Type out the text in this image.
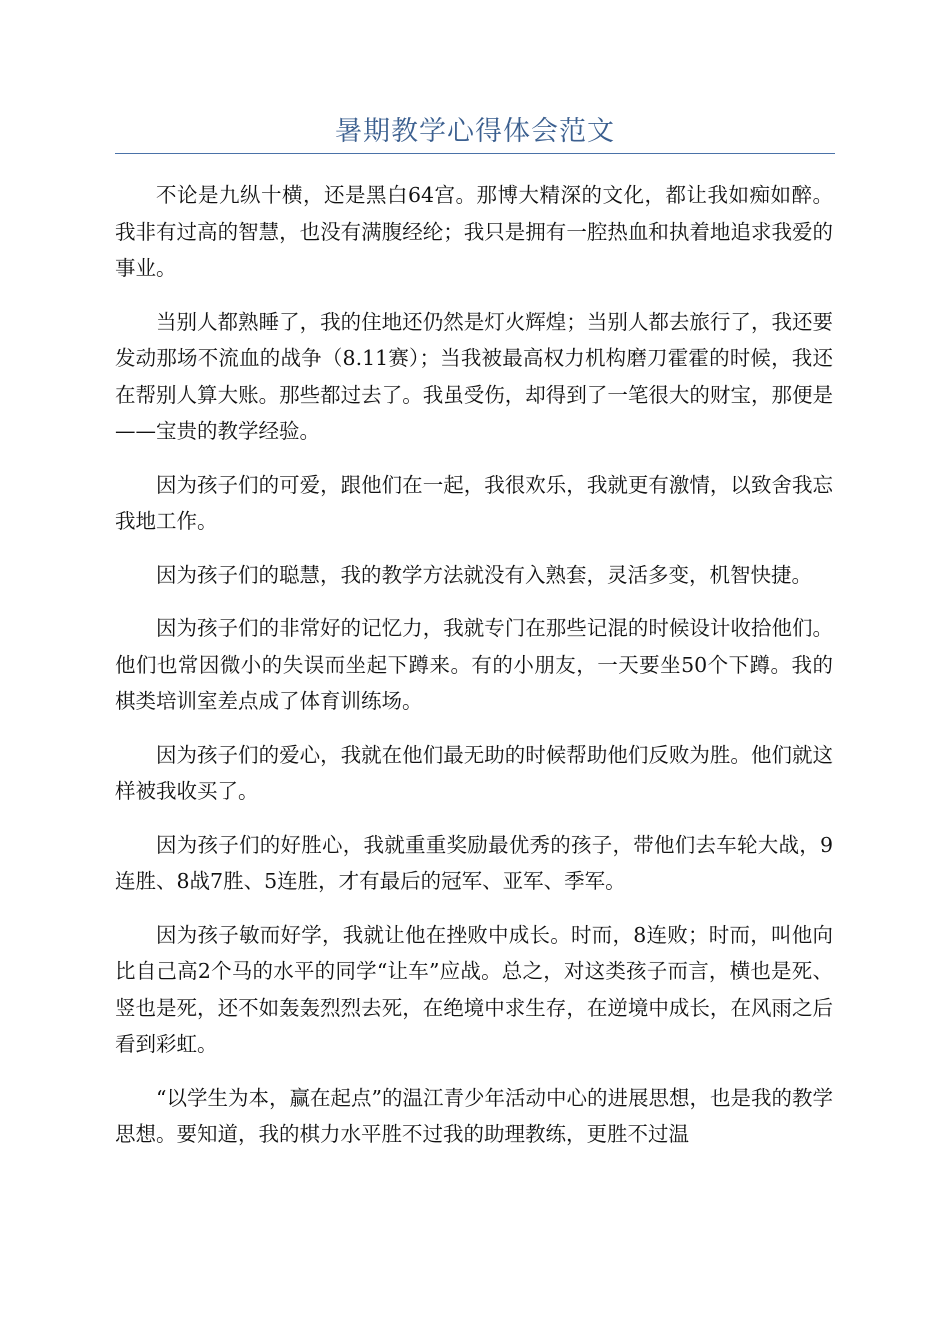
暑期教学心得体会范文

不论是九纵十横，还是黑白64宫。那博大精深的文化，都让我如痴如醉。我非有过高的智慧，也没有满腹经纶；我只是拥有一腔热血和执着地追求我爱的事业。

当别人都熟睡了，我的住地还仍然是灯火辉煌；当别人都去旅行了，我还要发动那场不流血的战争（8.11赛）；当我被最高权力机构磨刀霍霍的时候，我还在帮别人算大账。那些都过去了。我虽受伤，却得到了一笔很大的财宝，那便是——宝贵的教学经验。

因为孩子们的可爱，跟他们在一起，我很欢乐，我就更有激情，以致舍我忘我地工作。

因为孩子们的聪慧，我的教学方法就没有入熟套，灵活多变，机智快捷。

因为孩子们的非常好的记忆力，我就专门在那些记混的时候设计收拾他们。他们也常因微小的失误而坐起下蹲来。有的小朋友，一天要坐50个下蹲。我的棋类培训室差点成了体育训练场。

因为孩子们的爱心，我就在他们最无助的时候帮助他们反败为胜。他们就这样被我收买了。

因为孩子们的好胜心，我就重重奖励最优秀的孩子，带他们去车轮大战，9连胜、8战7胜、5连胜，才有最后的冠军、亚军、季军。

因为孩子敏而好学，我就让他在挫败中成长。时而，8连败；时而，叫他向比自己高2个马的水平的同学“让车”应战。总之，对这类孩子而言，横也是死、竖也是死，还不如轰轰烈烈去死，在绝境中求生存，在逆境中成长，在风雨之后看到彩虹。

“以学生为本，赢在起点”的温江青少年活动中心的进展思想，也是我的教学思想。要知道，我的棋力水平胜不过我的助理教练，更胜不过温
